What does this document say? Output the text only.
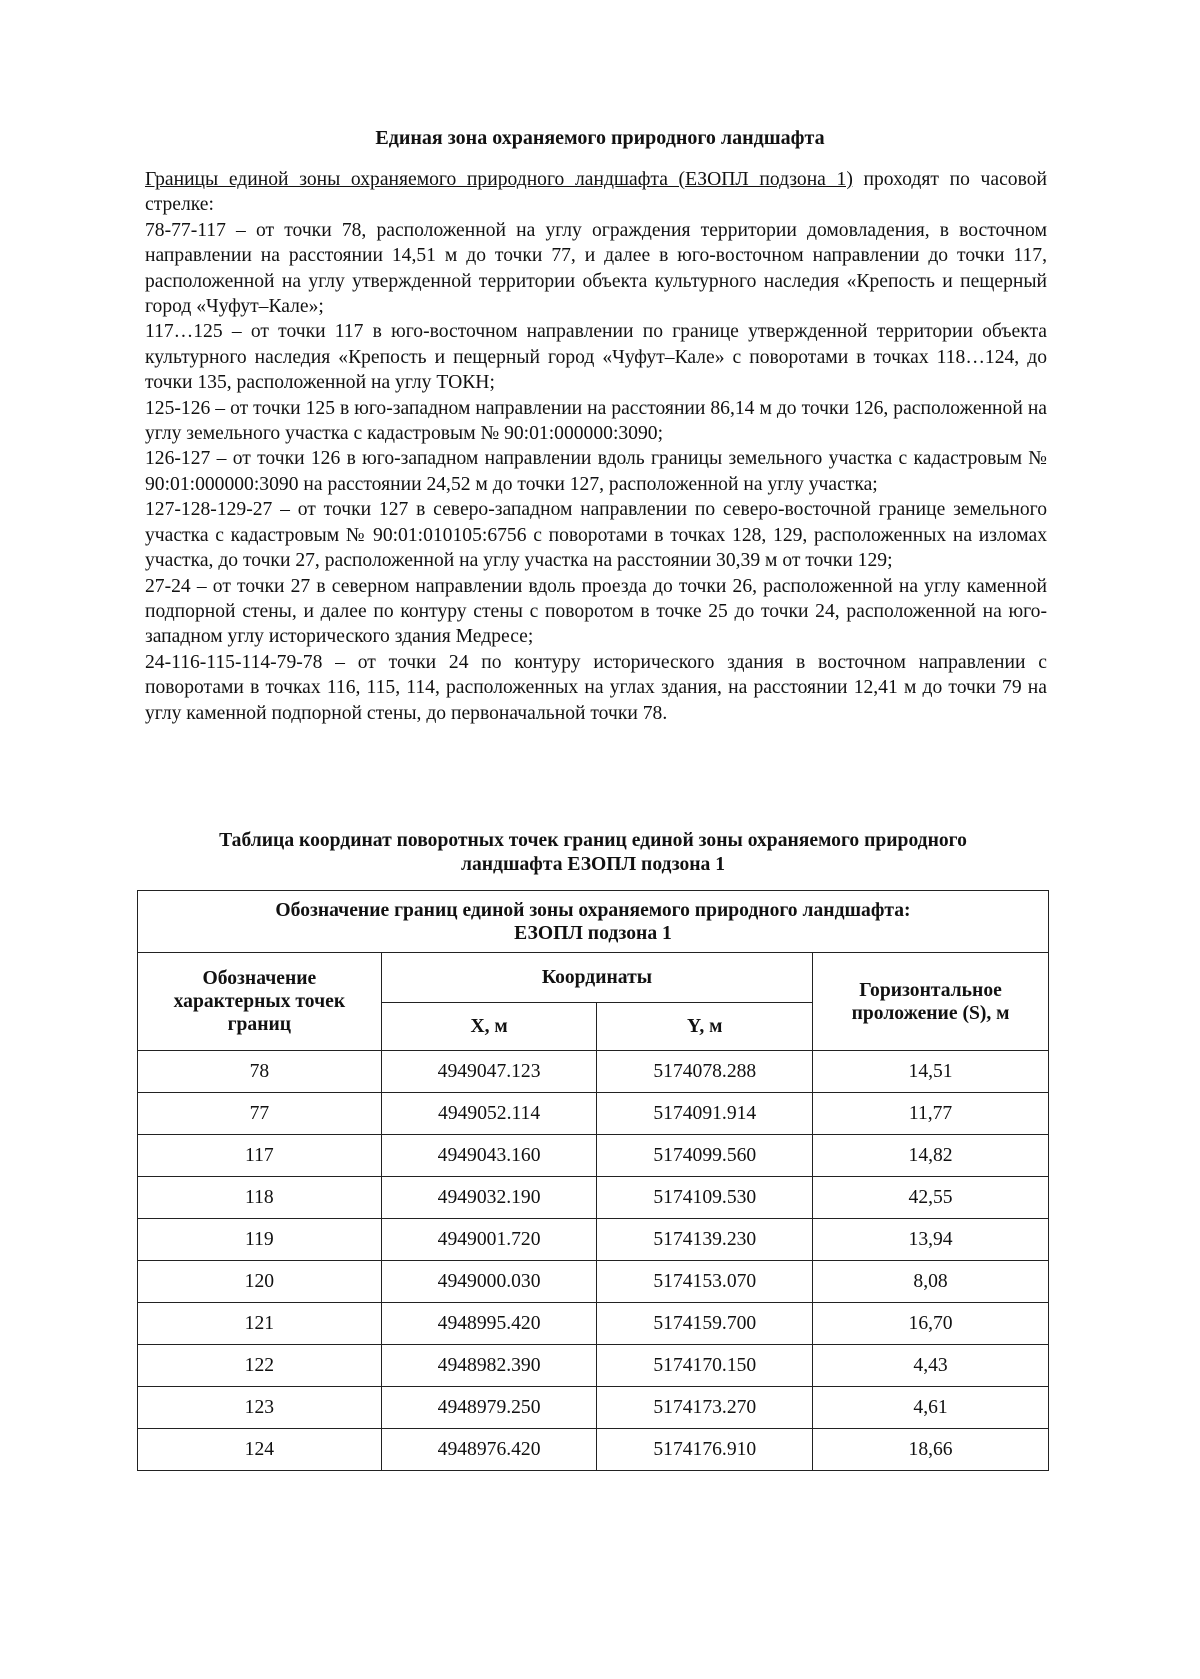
Единая зона охраняемого природного ландшафта
Границы единой зоны охраняемого природного ландшафта (ЕЗОПЛ подзона 1) проходят по часовой стрелке:
78-77-117 – от точки 78, расположенной на углу ограждения территории домовладения, в восточном направлении на расстоянии 14,51 м до точки 77, и далее в юго-восточном направлении до точки 117, расположенной на углу утвержденной территории объекта культурного наследия «Крепость и пещерный город «Чуфут–Кале»;
117…125 – от точки 117 в юго-восточном направлении по границе утвержденной территории объекта культурного наследия «Крепость и пещерный город «Чуфут–Кале» с поворотами в точках 118…124, до точки 135, расположенной на углу ТОКН;
125-126 – от точки 125 в юго-западном направлении на расстоянии 86,14 м до точки 126, расположенной на углу земельного участка с кадастровым № 90:01:000000:3090;
126-127 – от точки 126 в юго-западном направлении вдоль границы земельного участка с кадастровым № 90:01:000000:3090 на расстоянии 24,52 м до точки 127, расположенной на углу участка;
127-128-129-27 – от точки 127 в северо-западном направлении по северо-восточной границе земельного участка с кадастровым № 90:01:010105:6756 с поворотами в точках 128, 129, расположенных на изломах участка, до точки 27, расположенной на углу участка на расстоянии 30,39 м от точки 129;
27-24 – от точки 27 в северном направлении вдоль проезда до точки 26, расположенной на углу каменной подпорной стены, и далее по контуру стены с поворотом в точке 25 до точки 24, расположенной на юго-западном углу исторического здания Медресе;
24-116-115-114-79-78 – от точки 24 по контуру исторического здания в восточном направлении с поворотами в точках 116, 115, 114, расположенных на углах здания, на расстоянии 12,41 м до точки 79 на углу каменной подпорной стены, до первоначальной точки 78.
Таблица координат поворотных точек границ единой зоны охраняемого природного
ландшафта ЕЗОПЛ подзона 1
Обозначение границ единой зоны охраняемого природного ландшафта:
ЕЗОПЛ подзона 1			

Обозначение характерных точек границ	Координаты		Горизонтальное проложение (S), м
	X, м	Y, м	
78	4949047.123	5174078.288	14,51
77	4949052.114	5174091.914	11,77
117	4949043.160	5174099.560	14,82
118	4949032.190	5174109.530	42,55
119	4949001.720	5174139.230	13,94
120	4949000.030	5174153.070	8,08
121	4948995.420	5174159.700	16,70
122	4948982.390	5174170.150	4,43
123	4948979.250	5174173.270	4,61
124	4948976.420	5174176.910	18,66
